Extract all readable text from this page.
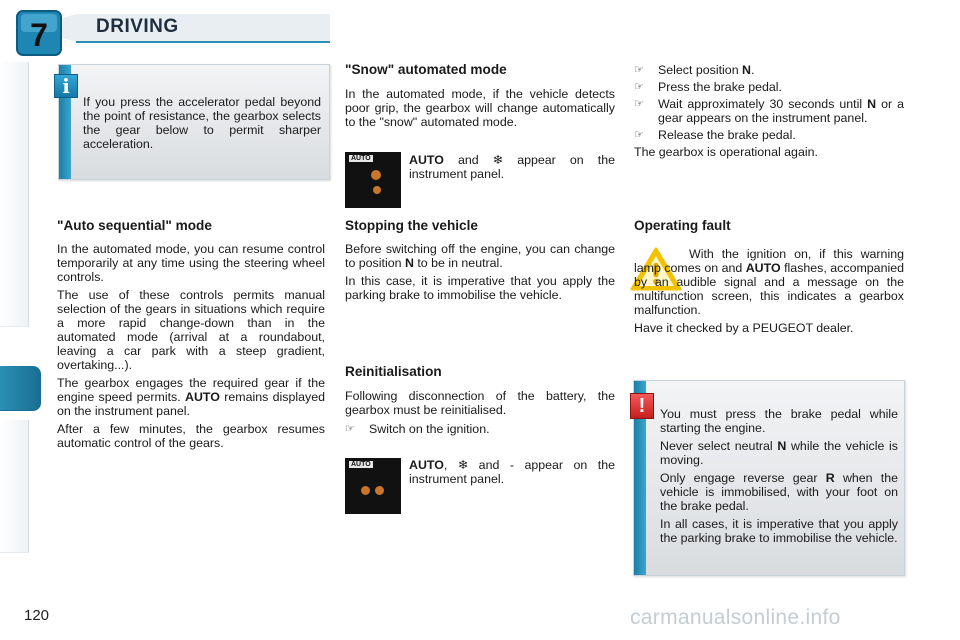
7	DRIVING
If you press the accelerator pedal beyond the point of resistance, the gearbox selects the gear below to permit sharper acceleration.
i
"Auto sequential" mode

In the automated mode, you can resume control temporarily at any time using the steering wheel controls.

The use of these controls permits manual selection of the gears in situations which require a more rapid change-down than in the automated mode (arrival at a roundabout, leaving a car park with a steep gradient, overtaking...).

The gearbox engages the required gear if the engine speed permits. AUTO remains displayed on the instrument panel.

After a few minutes, the gearbox resumes automatic control of the gears.

"Snow" automated mode
In the automated mode, if the vehicle detects poor grip, the gearbox will change automatically to the "snow" automated mode.
AUTO	AUTO and ❄ appear on the instrument panel.
Stopping the vehicle

Before switching off the engine, you can change to position N to be in neutral.

In this case, it is imperative that you apply the parking brake to immobilise the vehicle.

Reinitialisation

Following disconnection of the battery, the gearbox must be reinitialised.

☞	Switch on the ignition.
AUTO	AUTO, ❄ and - appear on the instrument panel.
☞	Select position N.
☞	Press the brake pedal.
☞	Wait approximately 30 seconds until N or a gear appears on the instrument panel.
☞	Release the brake pedal.
The gearbox is operational again.
Operating fault

With the ignition on, if this warning lamp comes on and AUTO flashes, accompanied by an audible signal and a message on the multifunction screen, this indicates a gearbox malfunction.

Have it checked by a PEUGEOT dealer.

You must press the brake pedal while starting the engine.

Never select neutral N while the vehicle is moving.

Only engage reverse gear R when the vehicle is immobilised, with your foot on the brake pedal.

In all cases, it is imperative that you apply the parking brake to immobilise the vehicle.

!
120	carmanualsonline.info
